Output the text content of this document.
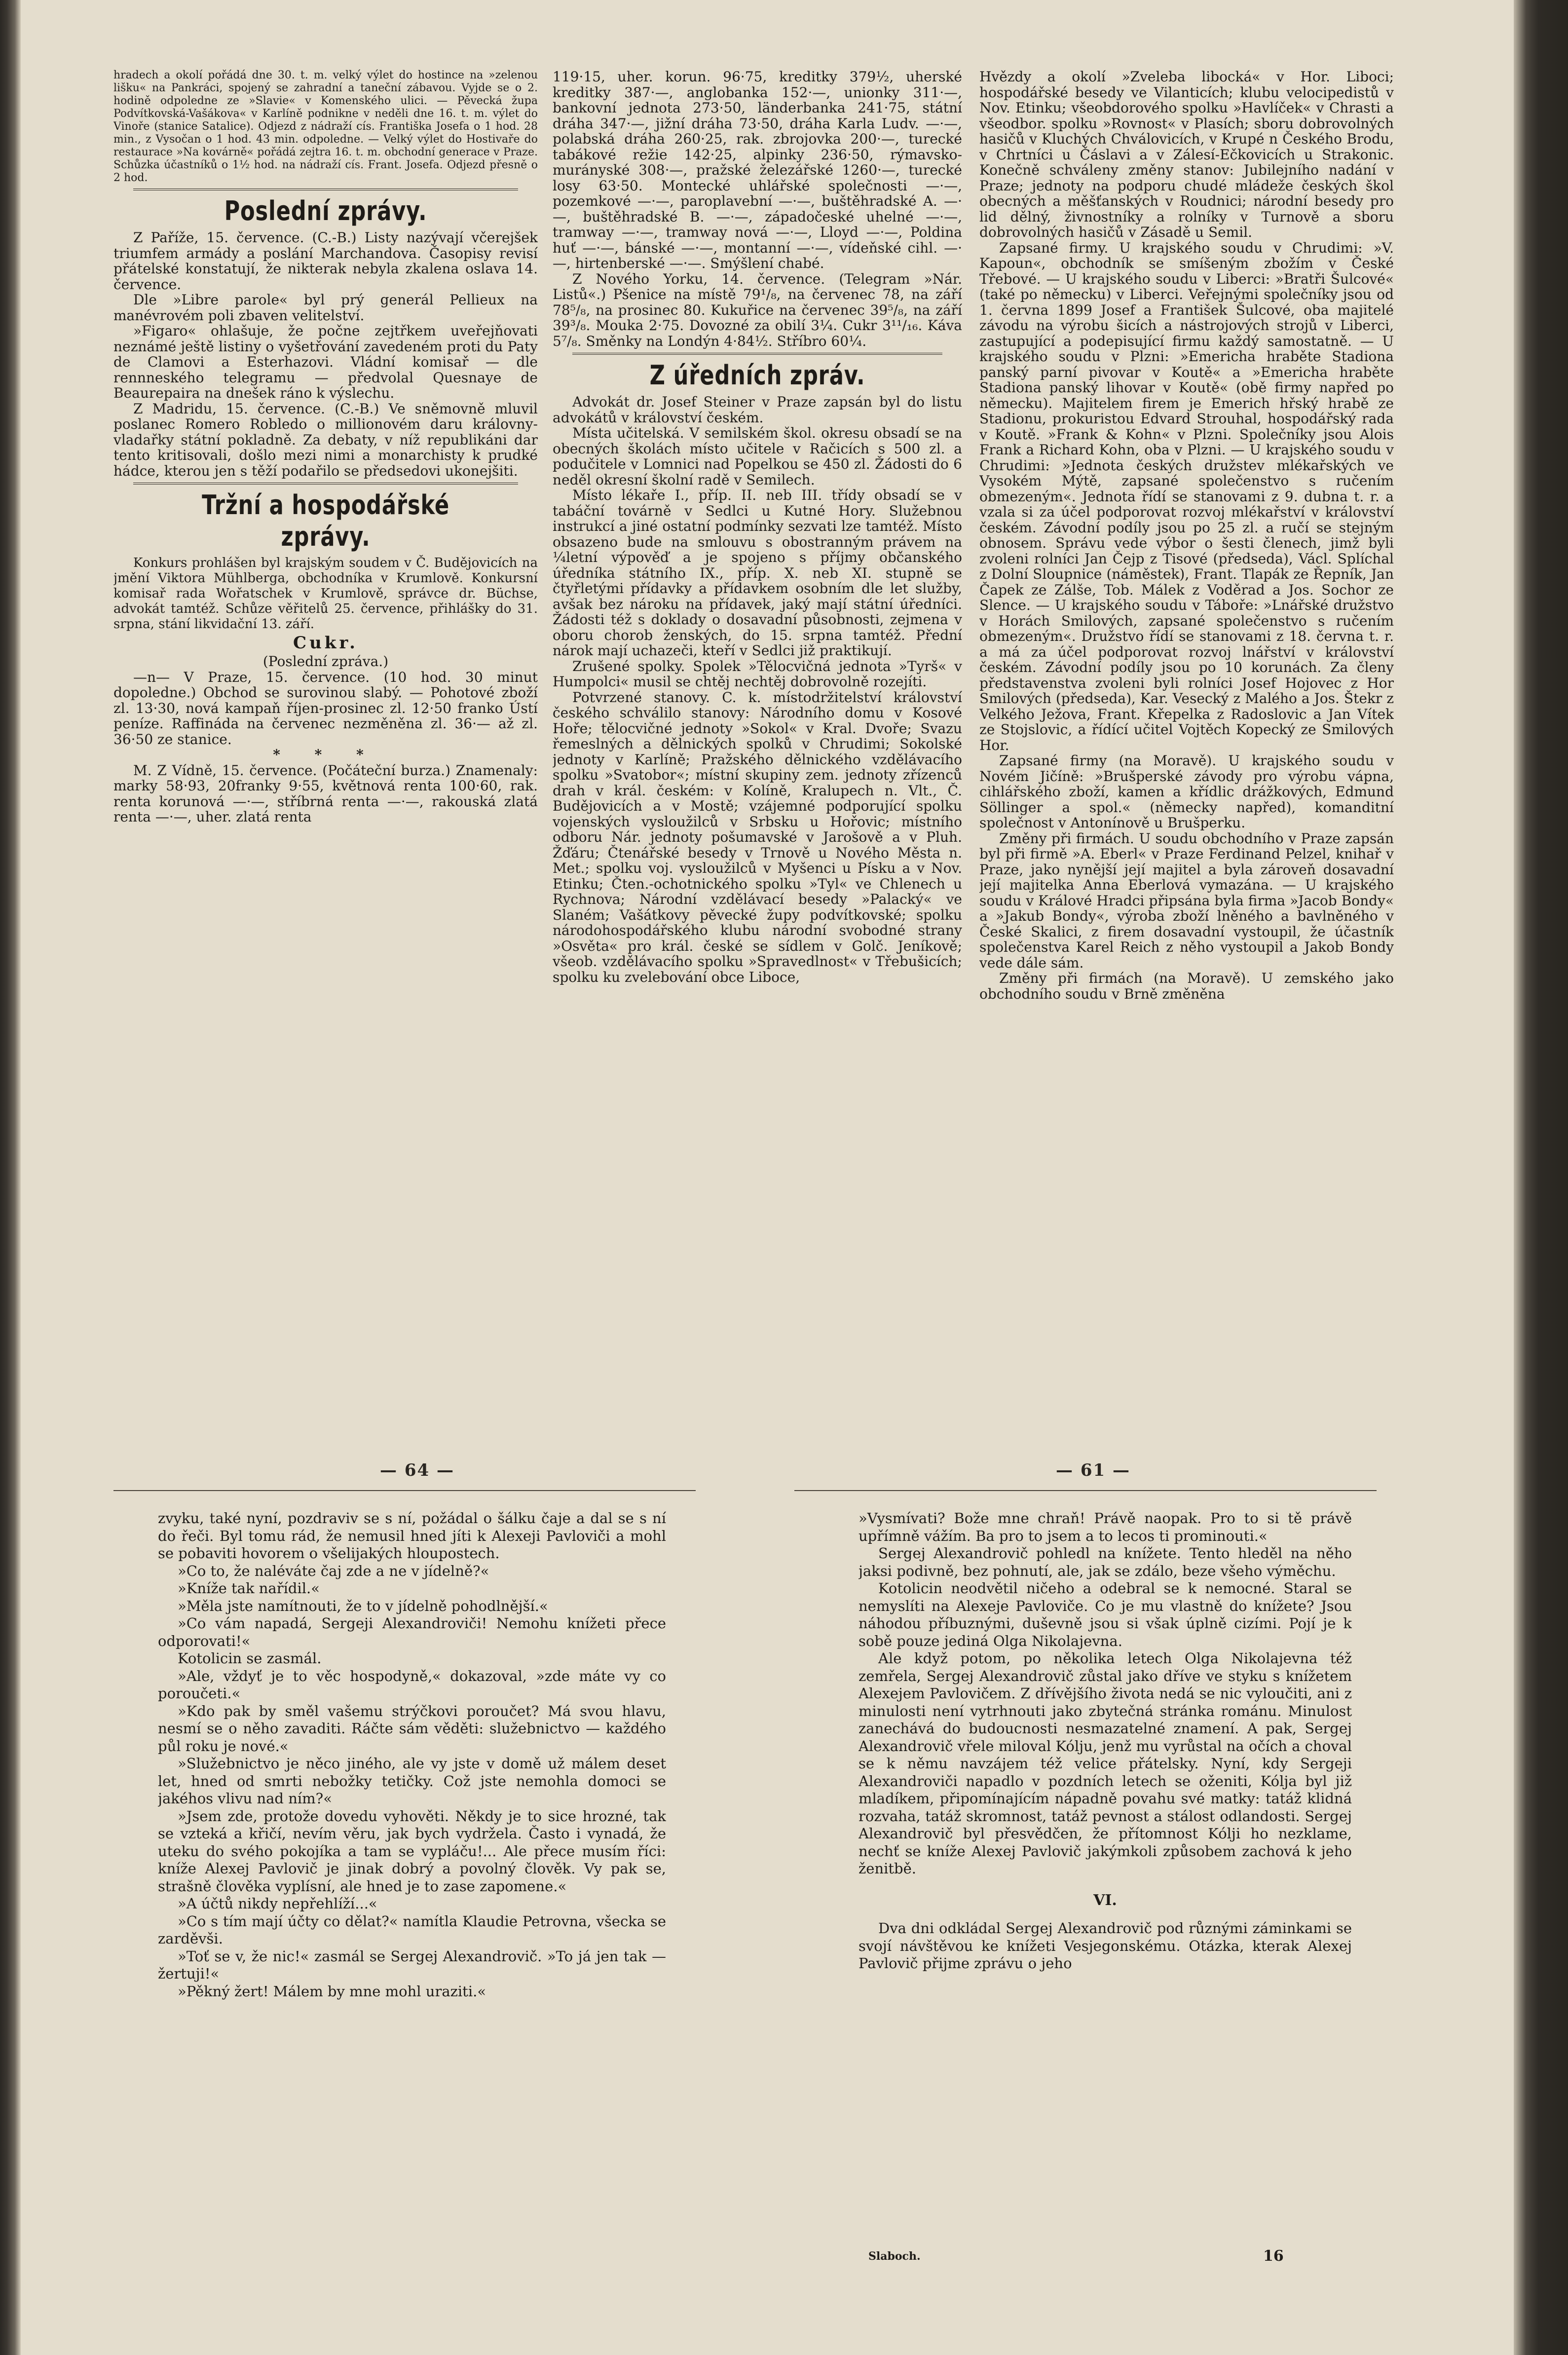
hradech a okolí pořádá dne 30. t. m. velký výlet do hostince na »zelenou lišku« na Pankráci, spojený se zahradní a taneční zábavou. Vyjde se o 2. hodině odpoledne ze »Slavie« v Komenského ulici. — Pěvecká župa Podvítkovská-Vašákova« v Karlíně podnikne v neděli dne 16. t. m. výlet do Vinoře (stanice Satalice). Odjezd z nádraží cís. Františka Josefa o 1 hod. 28 min., z Vysočan o 1 hod. 43 min. odpoledne. — Velký výlet do Hostivaře do restaurace »Na kovárně« pořádá zejtra 16. t. m. obchodní generace v Praze. Schůzka účastníků o 1½ hod. na nádraží cís. Frant. Josefa. Odjezd přesně o 2 hod.

Poslední zprávy.

Z Paříže, 15. července. (C.-B.) Listy nazývají včerejšek triumfem armády a poslání Marchandova. Časopisy revisí přátelské konstatují, že nikterak nebyla zkalena oslava 14. července.

Dle »Libre parole« byl prý generál Pellieux na manévrovém poli zbaven velitelství.

»Figaro« ohlašuje, že počne zejtřkem uveřejňovati neznámé ještě listiny o vyšetřování zavedeném proti du Paty de Clamovi a Esterhazovi. Vládní komisař — dle rennneského telegramu — předvolal Quesnaye de Beaurepaira na dnešek ráno k výslechu.

Z Madridu, 15. července. (C.-B.) Ve sněmovně mluvil poslanec Romero Robledo o millionovém daru královny-vladařky státní pokladně. Za debaty, v níž republikáni dar tento kritisovali, došlo mezi nimi a monarchisty k prudké hádce, kterou jen s těží podařilo se předsedovi ukonejšiti.

Tržní a hospodářské zprávy.

Konkurs prohlášen byl krajským soudem v Č. Budějovicích na jmění Viktora Mühlberga, obchodníka v Krumlově. Konkursní komisař rada Wořatschek v Krumlově, správce dr. Büchse, advokát tamtéž. Schůze věřitelů 25. července, přihlášky do 31. srpna, stání likvidační 13. září.

Cukr.
(Poslední zpráva.)

—n— V Praze, 15. července. (10 hod. 30 minut dopoledne.) Obchod se surovinou slabý. — Pohotové zboží zl. 13·30, nová kampaň říjen-prosinec zl. 12·50 franko Ústí peníze. Raffináda na červenec nezměněna zl. 36·— až zl. 36·50 ze stanice.

* * *

M. Z Vídně, 15. července. (Počáteční burza.) Znamenaly: marky 58·93, 20franky 9·55, květnová renta 100·60, rak. renta korunová —·—, stříbrná renta —·—, rakouská zlatá renta —·—, uher. zlatá renta

119·15, uher. korun. 96·75, kreditky 379½, uherské kreditky 387·—, anglobanka 152·—, unionky 311·—, bankovní jednota 273·50, länderbanka 241·75, státní dráha 347·—, jižní dráha 73·50, dráha Karla Ludv. —·—, polabská dráha 260·25, rak. zbrojovka 200·—, turecké tabákové režie 142·25, alpinky 236·50, rýmavsko-murányské 308·—, pražské železářské 1260·—, turecké losy 63·50. Montecké uhlářské společnosti —·—, pozemkové —·—, paroplavební —·—, buštěhradské A. —·—, buštěhradské B. —·—, západočeské uhelné —·—, tramway —·—, tramway nová —·—, Lloyd —·—, Poldina huť —·—, bánské —·—, montanní —·—, vídeňské cihl. —·—, hirtenberské —·—. Smýšlení chabé.

Z Nového Yorku, 14. července. (Telegram »Nár. Listů«.) Pšenice na místě 79¹/₈, na červenec 78, na září 78⁵/₈, na prosinec 80. Kukuřice na červenec 39⁵/₈, na září 39³/₈. Mouka 2·75. Dovozné za obilí 3¼. Cukr 3¹¹/₁₆. Káva 5⁷/₈. Směnky na Londýn 4·84½. Stříbro 60¼.

Z úředních zpráv.

Advokát dr. Josef Steiner v Praze zapsán byl do listu advokátů v království českém.

Místa učitelská. V semilském škol. okresu obsadí se na obecných školách místo učitele v Račicích s 500 zl. a podučitele v Lomnici nad Popelkou se 450 zl. Žádosti do 6 neděl okresní školní radě v Semilech.

Místo lékaře I., příp. II. neb III. třídy obsadí se v tabáční továrně v Sedlci u Kutné Hory. Služebnou instrukcí a jiné ostatní podmínky sezvati lze tamtéž. Místo obsazeno bude na smlouvu s obostranným právem na ¼letní výpověď a je spojeno s příjmy občanského úředníka státního IX., příp. X. neb XI. stupně se čtyřletými přídavky a přídavkem osobním dle let služby, avšak bez nároku na přídavek, jaký mají státní úředníci. Žádosti též s doklady o dosavadní působnosti, zejmena v oboru chorob ženských, do 15. srpna tamtéž. Přední nárok mají uchazeči, kteří v Sedlci již praktikují.

Zrušené spolky. Spolek »Tělocvičná jednota »Tyrš« v Humpolci« musil se chtěj nechtěj dobrovolně rozejíti.

Potvrzené stanovy. C. k. místodržitelství království českého schválilo stanovy: Národního domu v Kosové Hoře; tělocvičné jednoty »Sokol« v Kral. Dvoře; Svazu řemeslných a dělnických spolků v Chrudimi; Sokolské jednoty v Karlíně; Pražského dělnického vzdělávacího spolku »Svatobor«; místní skupiny zem. jednoty zřízenců drah v král. českém: v Kolíně, Kralupech n. Vlt., Č. Budějovicích a v Mostě; vzájemné podporující spolku vojenských vysloužilců v Srbsku u Hořovic; místního odboru Nár. jednoty pošumavské v Jarošově a v Pluh. Žďáru; Čtenářské besedy v Trnově u Nového Města n. Met.; spolku voj. vysloužilců v Myšenci u Písku a v Nov. Etinku; Čten.-ochotnického spolku »Tyl« ve Chlenech u Rychnova; Národní vzdělávací besedy »Palacký« ve Slaném; Vašátkovy pěvecké župy podvítkovské; spolku národohospodářského klubu národní svobodné strany »Osvěta« pro král. české se sídlem v Golč. Jeníkově; všeob. vzdělávacího spolku »Spravedlnost« v Třebušicích; spolku ku zvelebování obce Liboce,

Hvězdy a okolí »Zveleba libocká« v Hor. Liboci; hospodářské besedy ve Vilanticích; klubu velocipedistů v Nov. Etinku; všeobdorového spolku »Havlíček« v Chrasti a všeodbor. spolku »Rovnost« v Plasích; sboru dobrovolných hasičů v Kluchých Chválovicích, v Krupé n Českého Brodu, v Chrtníci u Čáslavi a v Zálesí-Ečkovicích u Strakonic. Konečně schváleny změny stanov: Jubilejního nadání v Praze; jednoty na podporu chudé mládeže českých škol obecných a měšťanských v Roudnici; národní besedy pro lid dělný, živnostníky a rolníky v Turnově a sboru dobrovolných hasičů v Zásadě u Semil.

Zapsané firmy. U krajského soudu v Chrudimi: »V. Kapoun«, obchodník se smíšeným zbožím v České Třebové. — U krajského soudu v Liberci: »Bratři Šulcové« (také po německu) v Liberci. Veřejnými společníky jsou od 1. června 1899 Josef a František Šulcové, oba majitelé závodu na výrobu šicích a nástrojových strojů v Liberci, zastupující a podepisující firmu každý samostatně. — U krajského soudu v Plzni: »Emericha hraběte Stadiona panský parní pivovar v Koutě« a »Emericha hraběte Stadiona panský lihovar v Koutě« (obě firmy napřed po německu). Majitelem firem je Emerich hřský hrabě ze Stadionu, prokuristou Edvard Strouhal, hospodářský rada v Koutě. »Frank & Kohn« v Plzni. Společníky jsou Alois Frank a Richard Kohn, oba v Plzni. — U krajského soudu v Chrudimi: »Jednota českých družstev mlékařských ve Vysokém Mýtě, zapsané společenstvo s ručením obmezeným«. Jednota řídí se stanovami z 9. dubna t. r. a vzala si za účel podporovat rozvoj mlékařství v království českém. Závodní podíly jsou po 25 zl. a ručí se stejným obnosem. Správu vede výbor o šesti členech, jimž byli zvoleni rolníci Jan Čejp z Tisové (předseda), Václ. Splíchal z Dolní Sloupnice (náměstek), Frant. Tlapák ze Řepník, Jan Čapek ze Zálše, Tob. Málek z Voděrad a Jos. Sochor ze Slence. — U krajského soudu v Táboře: »Lnářské družstvo v Horách Smilových, zapsané společenstvo s ručením obmezeným«. Družstvo řídí se stanovami z 18. června t. r. a má za účel podporovat rozvoj lnářství v království českém. Závodní podíly jsou po 10 korunách. Za členy představenstva zvoleni byli rolníci Josef Hojovec z Hor Smilových (předseda), Kar. Vesecký z Malého a Jos. Štekr z Velkého Ježova, Frant. Křepelka z Radoslovic a Jan Vítek ze Stojslovic, a řídící učitel Vojtěch Kopecký ze Smilových Hor.

Zapsané firmy (na Moravě). U krajského soudu v Novém Jičíně: »Brušperské závody pro výrobu vápna, cihlářského zboží, kamen a křídlic drážkových, Edmund Söllinger a spol.« (německy napřed), komanditní společnost v Antonínově u Brušperku.

Změny při firmách. U soudu obchodního v Praze zapsán byl při firmě »A. Eberl« v Praze Ferdinand Pelzel, knihař v Praze, jako nynější její majitel a byla zároveň dosavadní její majitelka Anna Eberlová vymazána. — U krajského soudu v Králové Hradci připsána byla firma »Jacob Bondy« a »Jakub Bondy«, výroba zboží lněného a bavlněného v České Skalici, z firem dosavadní vystoupil, že účastník společenstva Karel Reich z něho vystoupil a Jakob Bondy vede dále sám.

Změny při firmách (na Moravě). U zemského jako obchodního soudu v Brně změněna

— 64 —	— 61 —

zvyku, také nyní, pozdraviv se s ní, požádal o šálku čaje a dal se s ní do řeči. Byl tomu rád, že nemusil hned jíti k Alexeji Pavloviči a mohl se pobaviti hovorem o všelijakých hloupostech.

»Co to, že naléváte čaj zde a ne v jídelně?«

»Kníže tak nařídil.«

»Měla jste namítnouti, že to v jídelně pohodlnější.«

»Co vám napadá, Sergeji Alexandroviči! Nemohu knížeti přece odporovati!«

Kotolicin se zasmál.

»Ale, vždyť je to věc hospodyně,« dokazoval, »zde máte vy co poroučeti.«

»Kdo pak by směl vašemu strýčkovi poroučet? Má svou hlavu, nesmí se o něho zavaditi. Ráčte sám věděti: služebnictvo — každého půl roku je nové.«

»Služebnictvo je něco jiného, ale vy jste v domě už málem deset let, hned od smrti nebožky tetičky. Což jste nemohla domoci se jakéhos vlivu nad ním?«

»Jsem zde, protože dovedu vyhověti. Někdy je to sice hrozné, tak se vzteká a křičí, nevím věru, jak bych vydržela. Často i vynadá, že uteku do svého pokojíka a tam se vypláču!... Ale přece musím říci: kníže Alexej Pavlovič je jinak dobrý a povolný člověk. Vy pak se, strašně člověka vyplísní, ale hned je to zase zapomene.«

»A účtů nikdy nepřehlíží...«

»Co s tím mají účty co dělat?« namítla Klaudie Petrovna, všecka se zarděvši.

»Toť se v, že nic!« zasmál se Sergej Alexandrovič. »To já jen tak — žertuji!«

»Pěkný žert! Málem by mne mohl uraziti.«

»Vysmívati? Bože mne chraň! Právě naopak. Pro to si tě právě upřímně vážím. Ba pro to jsem a to lecos ti prominouti.«

Sergej Alexandrovič pohledl na knížete. Tento hleděl na něho jaksi podivně, bez pohnutí, ale, jak se zdálo, beze všeho výměchu.

Kotolicin neodvětil ničeho a odebral se k nemocné. Staral se nemyslíti na Alexeje Pavloviče. Co je mu vlastně do knížete? Jsou náhodou příbuznými, duševně jsou si však úplně cizími. Pojí je k sobě pouze jediná Olga Nikolajevna.

Ale když potom, po několika letech Olga Nikolajevna též zemřela, Sergej Alexandrovič zůstal jako dříve ve styku s knížetem Alexejem Pavlovičem. Z dřívějšího života nedá se nic vyloučiti, ani z minulosti není vytrhnouti jako zbytečná stránka románu. Minulost zanechává do budoucnosti nesmazatelné znamení. A pak, Sergej Alexandrovič vřele miloval Kólju, jenž mu vyrůstal na očích a choval se k němu navzájem též velice přátelsky. Nyní, kdy Sergeji Alexandroviči napadlo v pozdních letech se oženiti, Kólja byl již mladíkem, připomínajícím nápadně povahu své matky: tatáž klidná rozvaha, tatáž skromnost, tatáž pevnost a stálost odlandosti. Sergej Alexandrovič byl přesvědčen, že přítomnost Kólji ho nezklame, nechť se kníže Alexej Pavlovič jakýmkoli způsobem zachová k jeho ženitbě.

VI.

Dva dni odkládal Sergej Alexandrovič pod různými záminkami se svojí návštěvou ke knížeti Vesjegonskému. Otázka, kterak Alexej Pavlovič přijme zprávu o jeho

Slaboch.	16
